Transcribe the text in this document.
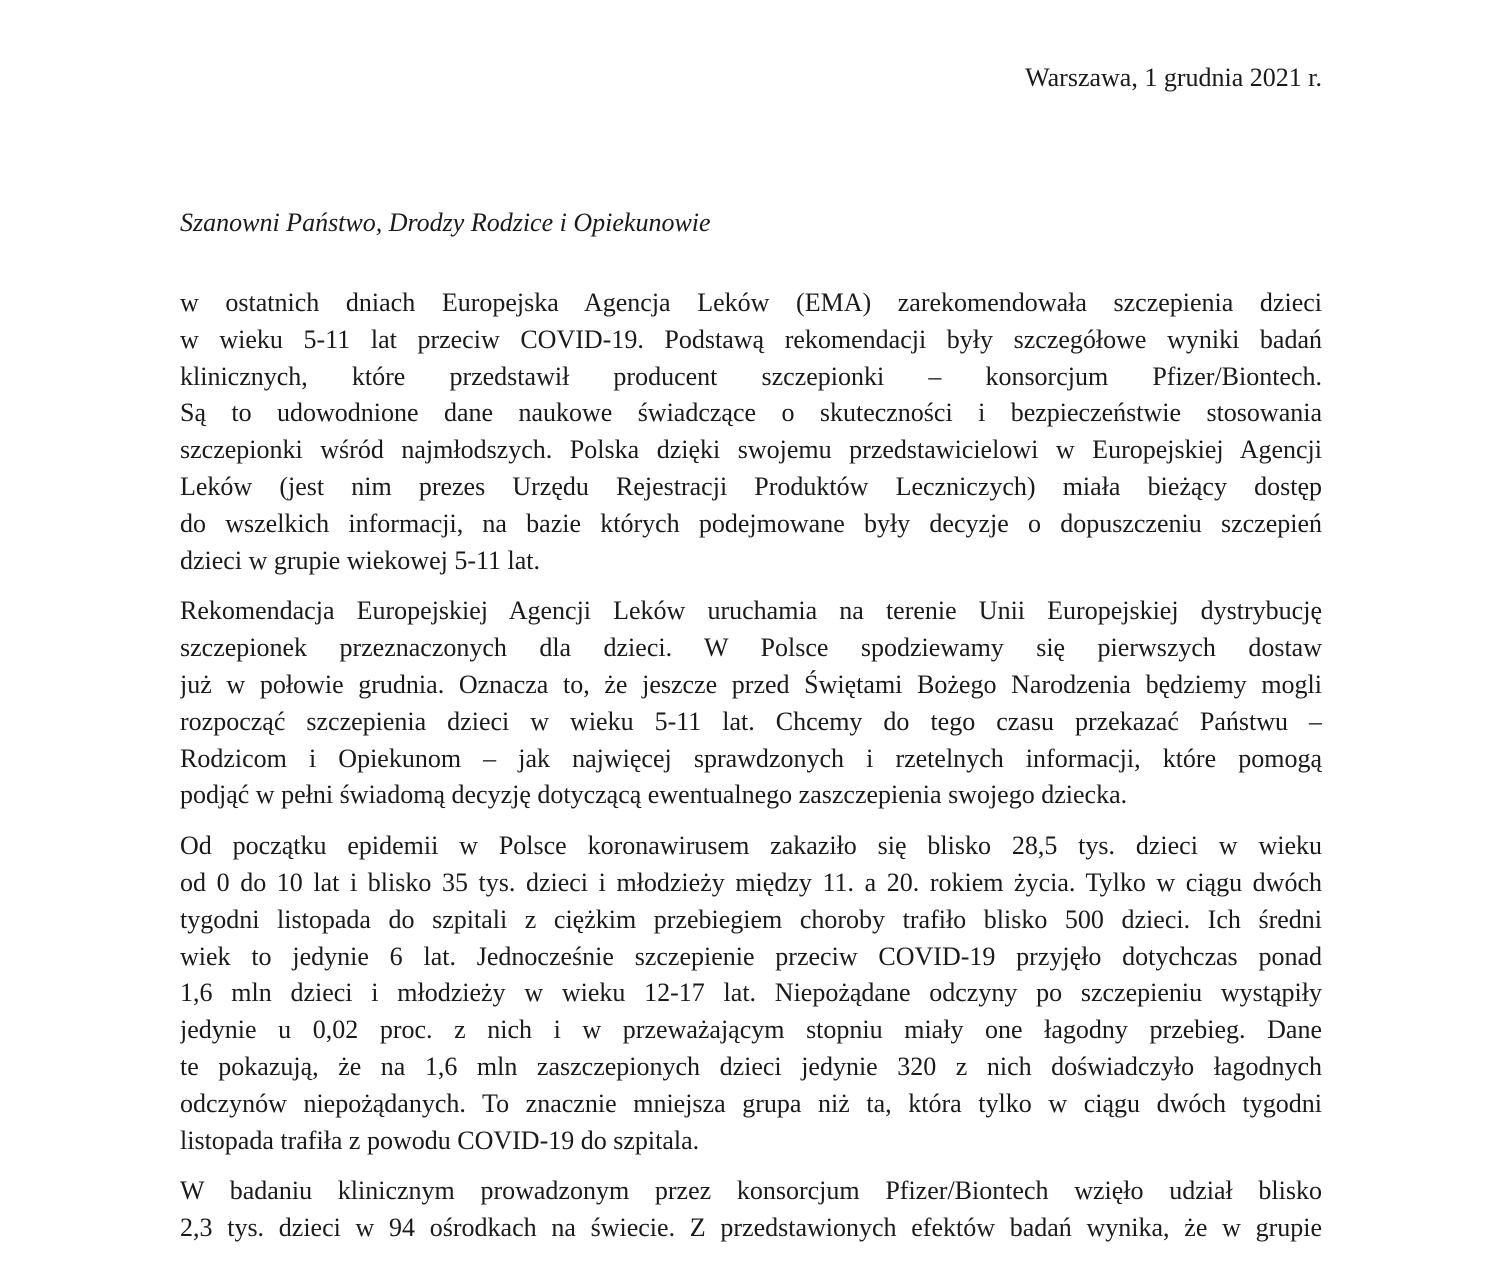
Warszawa, 1 grudnia 2021 r.
Szanowni Państwo, Drodzy Rodzice i Opiekunowie
w ostatnich dniach Europejska Agencja Leków (EMA) zarekomendowała szczepienia dzieci
w wieku 5-11 lat przeciw COVID-19. Podstawą rekomendacji były szczegółowe wyniki badań
klinicznych, które przedstawił producent szczepionki – konsorcjum Pfizer/Biontech.
Są to udowodnione dane naukowe świadczące o skuteczności i bezpieczeństwie stosowania
szczepionki wśród najmłodszych. Polska dzięki swojemu przedstawicielowi w Europejskiej Agencji
Leków (jest nim prezes Urzędu Rejestracji Produktów Leczniczych) miała bieżący dostęp
do wszelkich informacji, na bazie których podejmowane były decyzje o dopuszczeniu szczepień
dzieci w grupie wiekowej 5-11 lat.
Rekomendacja Europejskiej Agencji Leków uruchamia na terenie Unii Europejskiej dystrybucję
szczepionek przeznaczonych dla dzieci. W Polsce spodziewamy się pierwszych dostaw
już w połowie grudnia. Oznacza to, że jeszcze przed Świętami Bożego Narodzenia będziemy mogli
rozpocząć szczepienia dzieci w wieku 5-11 lat. Chcemy do tego czasu przekazać Państwu –
Rodzicom i Opiekunom – jak najwięcej sprawdzonych i rzetelnych informacji, które pomogą
podjąć w pełni świadomą decyzję dotyczącą ewentualnego zaszczepienia swojego dziecka.
Od początku epidemii w Polsce koronawirusem zakaziło się blisko 28,5 tys. dzieci w wieku
od 0 do 10 lat i blisko 35 tys. dzieci i młodzieży między 11. a 20. rokiem życia. Tylko w ciągu dwóch
tygodni listopada do szpitali z ciężkim przebiegiem choroby trafiło blisko 500 dzieci. Ich średni
wiek to jedynie 6 lat. Jednocześnie szczepienie przeciw COVID-19 przyjęło dotychczas ponad
1,6 mln dzieci i młodzieży w wieku 12-17 lat. Niepożądane odczyny po szczepieniu wystąpiły
jedynie u 0,02 proc. z nich i w przeważającym stopniu miały one łagodny przebieg. Dane
te pokazują, że na 1,6 mln zaszczepionych dzieci jedynie 320 z nich doświadczyło łagodnych
odczynów niepożądanych. To znacznie mniejsza grupa niż ta, która tylko w ciągu dwóch tygodni
listopada trafiła z powodu COVID-19 do szpitala.
W badaniu klinicznym prowadzonym przez konsorcjum Pfizer/Biontech wzięło udział blisko
2,3 tys. dzieci w 94 ośrodkach na świecie. Z przedstawionych efektów badań wynika, że w grupie
